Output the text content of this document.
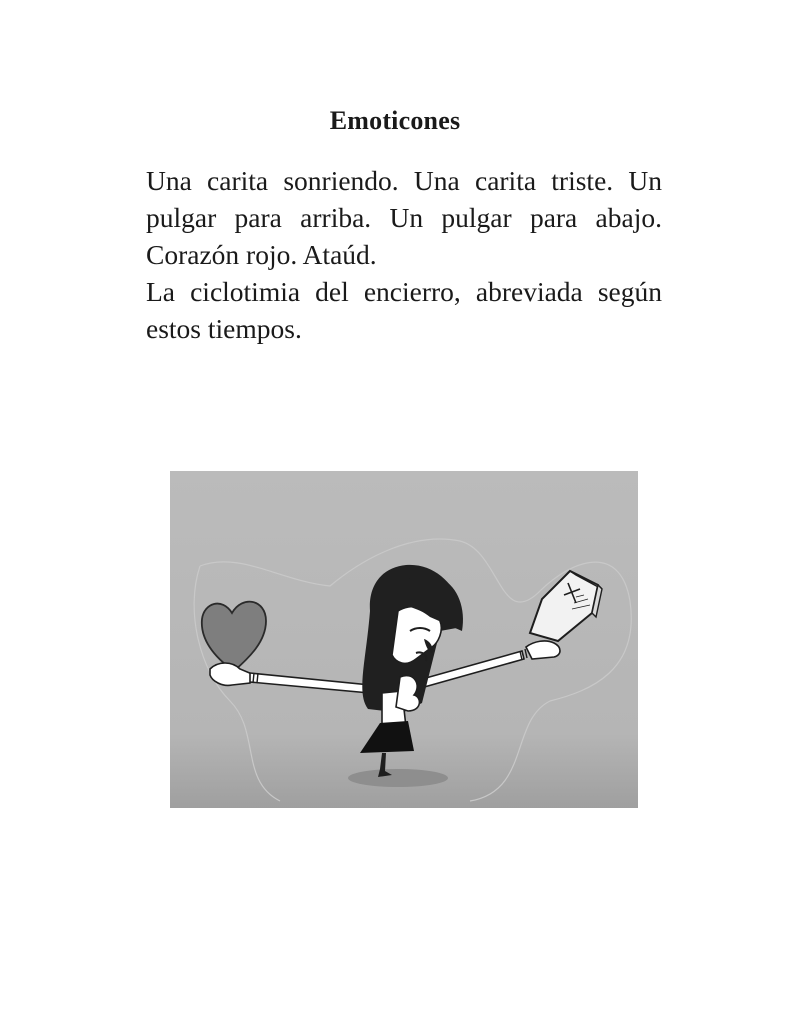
Emoticones

Una carita sonriendo. Una carita triste. Un pulgar para arriba. Un pulgar para abajo. Corazón rojo. Ataúd.

La ciclotimia del encierro, abreviada según estos tiempos.
